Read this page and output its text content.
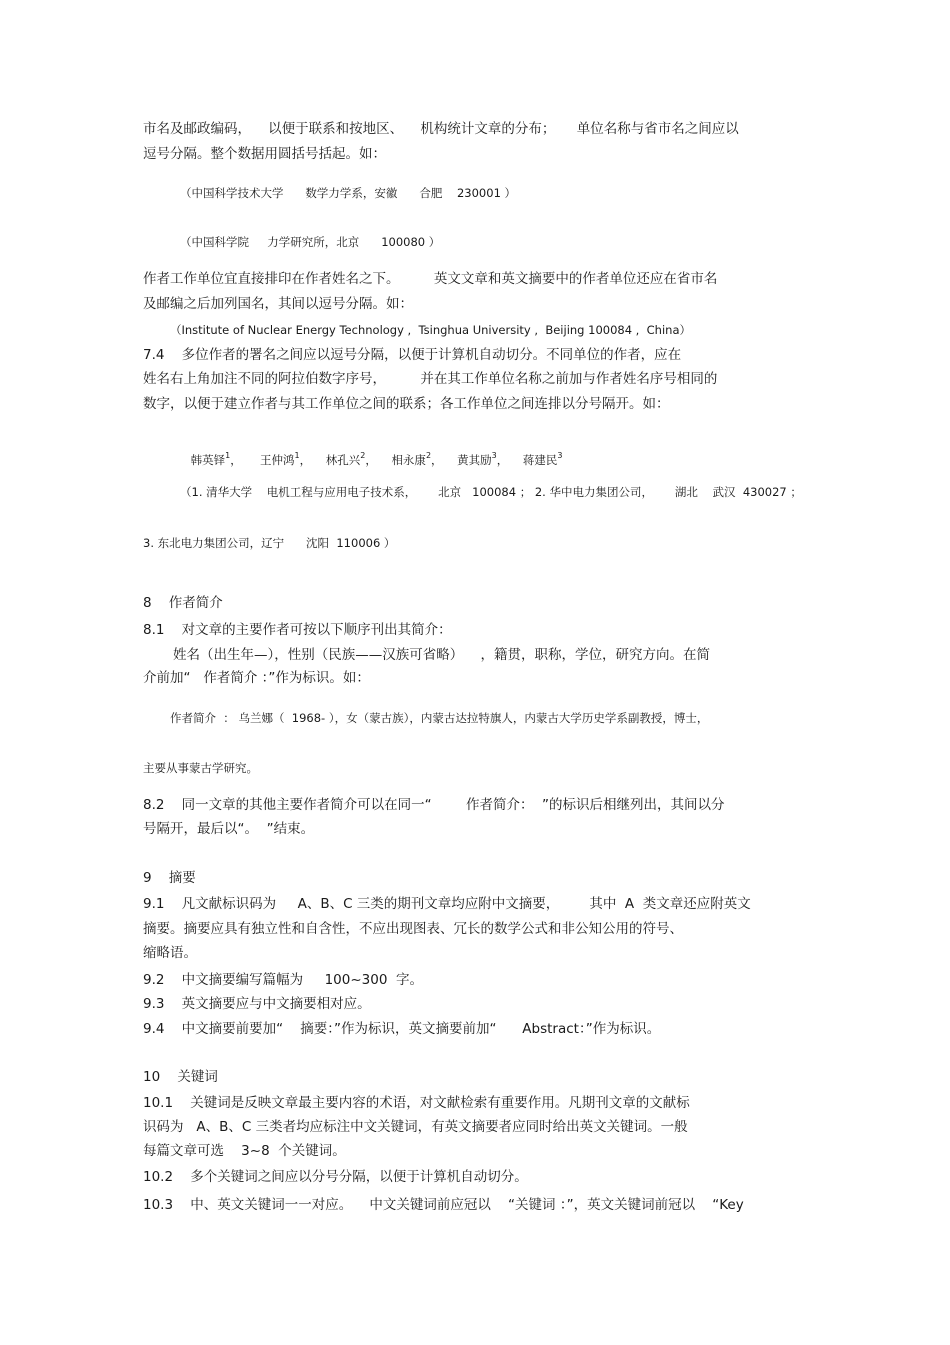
市名及邮政编码，    以便于联系和按地区、    机构统计文章的分布；     单位名称与省市名之间应以
逗号分隔。整个数据用圆括号括起。如：
（中国科学技术大学      数学力学系，安徽      合肥    230001 ）
（中国科学院     力学研究所，北京      100080 ）
作者工作单位宜直接排印在作者姓名之下。        英文文章和英文摘要中的作者单位还应在省市名
及邮编之后加列国名，其间以逗号分隔。如：
（Institute of Nuclear Energy Technology ,  Tsinghua University ,  Beijing 100084 ,  China）
7.4    多位作者的署名之间应以逗号分隔，以便于计算机自动切分。不同单位的作者，应在
姓名右上角加注不同的阿拉伯数字序号，        并在其工作单位名称之前加与作者姓名序号相同的
数字，以便于建立作者与其工作单位之间的联系；各工作单位之间连排以分号隔开。如：

韩英铎$^1$，     王仲鸿$^1$，    林孔兴$^2$，    相永康$^2$，    黄其励$^3$，    蒋建民$^3$

（1. 清华大学    电机工程与应用电子技术系，      北京   100084 ； 2. 华中电力集团公司，      湖北    武汉  430027 ；
3. 东北电力集团公司，辽宁      沈阳  110006 ）
8    作者简介
8.1    对文章的主要作者可按以下顺序刊出其简介：
姓名（出生年—），性别（民族——汉族可省略）    ，籍贯，职称，学位，研究方向。在简
介前加“   作者简介 ：”作为标识。如：
作者简介  ： 乌兰娜（  1968- ），女（蒙古族），内蒙古达拉特旗人，内蒙古大学历史学系副教授，博士，
主要从事蒙古学研究。
8.2    同一文章的其他主要作者简介可以在同一“        作者简介：  ”的标识后相继列出，其间以分
号隔开，最后以“。  ”结束。
9    摘要
9.1    凡文献标识码为     A、B、C 三类的期刊文章均应附中文摘要，       其中  A  类文章还应附英文
摘要。摘要应具有独立性和自含性，不应出现图表、冗长的数学公式和非公知公用的符号、
缩略语。
9.2    中文摘要编写篇幅为     100~300  字。
9.3    英文摘要应与中文摘要相对应。
9.4    中文摘要前要加“    摘要：”作为标识，英文摘要前加“      Abstract：”作为标识。
10    关键词
10.1    关键词是反映文章最主要内容的术语，对文献检索有重要作用。凡期刊文章的文献标
识码为   A、B、C 三类者均应标注中文关键词，有英文摘要者应同时给出英文关键词。一般
每篇文章可选    3~8  个关键词。
10.2    多个关键词之间应以分号分隔，以便于计算机自动切分。
10.3    中、英文关键词一一对应。    中文关键词前应冠以    “关键词 ：”，英文关键词前冠以    “Key
